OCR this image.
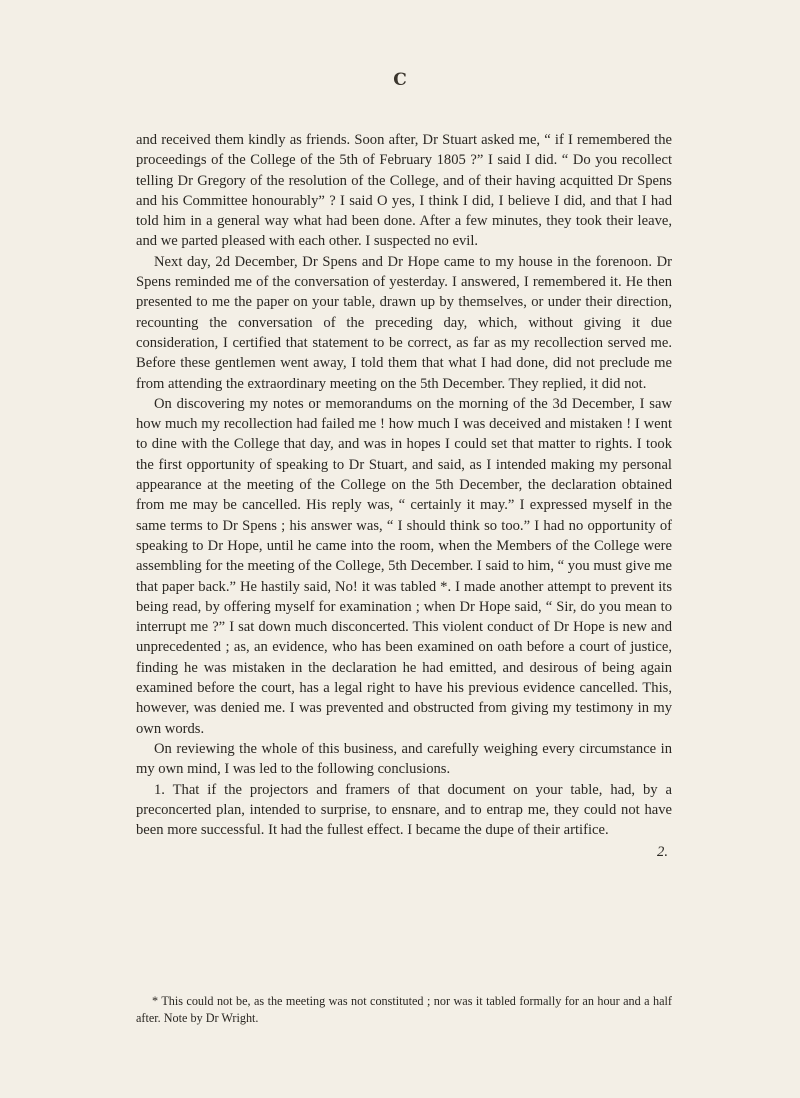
C

and received them kindly as friends. Soon after, Dr Stuart asked me, “ if I remembered the proceedings of the College of the 5th of February 1805 ?” I said I did. “ Do you recollect telling Dr Gregory of the resolution of the College, and of their having acquitted Dr Spens and his Committee honourably” ? I said O yes, I think I did, I believe I did, and that I had told him in a general way what had been done. After a few minutes, they took their leave, and we parted pleased with each other. I suspected no evil.

Next day, 2d December, Dr Spens and Dr Hope came to my house in the forenoon. Dr Spens reminded me of the conversation of yesterday. I answered, I remembered it. He then presented to me the paper on your table, drawn up by themselves, or under their direction, recounting the conversation of the preceding day, which, without giving it due consideration, I certified that statement to be correct, as far as my recollection served me. Before these gentlemen went away, I told them that what I had done, did not preclude me from attending the extraordinary meeting on the 5th December. They replied, it did not.

On discovering my notes or memorandums on the morning of the 3d December, I saw how much my recollection had failed me ! how much I was deceived and mistaken ! I went to dine with the College that day, and was in hopes I could set that matter to rights. I took the first opportunity of speaking to Dr Stuart, and said, as I intended making my personal appearance at the meeting of the College on the 5th December, the declaration obtained from me may be cancelled. His reply was, “ certainly it may.” I expressed myself in the same terms to Dr Spens ; his answer was, “ I should think so too.” I had no opportunity of speaking to Dr Hope, until he came into the room, when the Members of the College were assembling for the meeting of the College, 5th December. I said to him, “ you must give me that paper back.” He hastily said, No! it was tabled *. I made another attempt to prevent its being read, by offering myself for examination ; when Dr Hope said, “ Sir, do you mean to interrupt me ?” I sat down much disconcerted. This violent conduct of Dr Hope is new and unprecedented ; as, an evidence, who has been examined on oath before a court of justice, finding he was mistaken in the declaration he had emitted, and desirous of being again examined before the court, has a legal right to have his previous evidence cancelled. This, however, was denied me. I was prevented and obstructed from giving my testimony in my own words.

On reviewing the whole of this business, and carefully weighing every circumstance in my own mind, I was led to the following conclusions.

1. That if the projectors and framers of that document on your table, had, by a preconcerted plan, intended to surprise, to ensnare, and to entrap me, they could not have been more successful. It had the fullest effect. I became the dupe of their artifice.

2.
* This could not be, as the meeting was not constituted ; nor was it tabled formally for an hour and a half after. Note by Dr Wright.
